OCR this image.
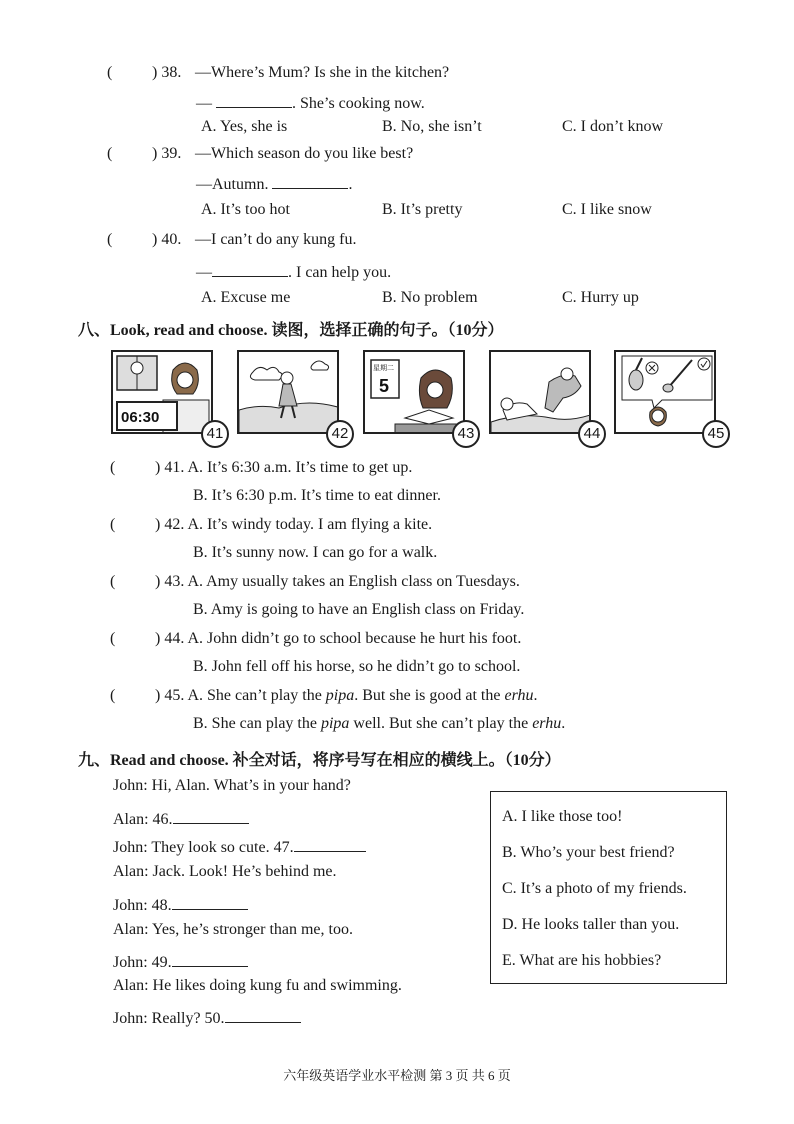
( ) 38. —Where’s Mum? Is she in the kitchen?
—	. She’s cooking now.
A. Yes, she is	B. No, she isn’t	C. I don’t know
( ) 39. —Which season do you like best?
—Autumn.	.
A. It’s too hot	B. It’s pretty	C. I like snow
( ) 40. —I can’t do any kung fu.
—	. I can help you.
A. Excuse me	B. No problem	C. Hurry up
八、Look, read and choose. 读图，选择正确的句子。（10分）
06:30
41	42
星期二
5
43	44	45
( ) 41. A. It’s 6:30 a.m. It’s time to get up.
B. It’s 6:30 p.m. It’s time to eat dinner.
( ) 42. A. It’s windy today. I am flying a kite.
B. It’s sunny now. I can go for a walk.
( ) 43. A. Amy usually takes an English class on Tuesdays.
B. Amy is going to have an English class on Friday.
( ) 44. A. John didn’t go to school because he hurt his foot.
B. John fell off his horse, so he didn’t go to school.
( ) 45. A. She can’t play the pipa. But she is good at the erhu.
B. She can play the pipa well. But she can’t play the erhu.
九、Read and choose. 补全对话，将序号写在相应的横线上。（10分）
John: Hi, Alan. What’s in your hand?
Alan: 46.
John: They look so cute. 47.
Alan: Jack. Look! He’s behind me.
John: 48.
Alan: Yes, he’s stronger than me, too.
John: 49.
Alan: He likes doing kung fu and swimming.
John: Really? 50.
A. I like those too!
B. Who’s your best friend?
C. It’s a photo of my friends.
D. He looks taller than you.
E. What are his hobbies?
六年级英语学业水平检测 第 3 页 共 6 页
